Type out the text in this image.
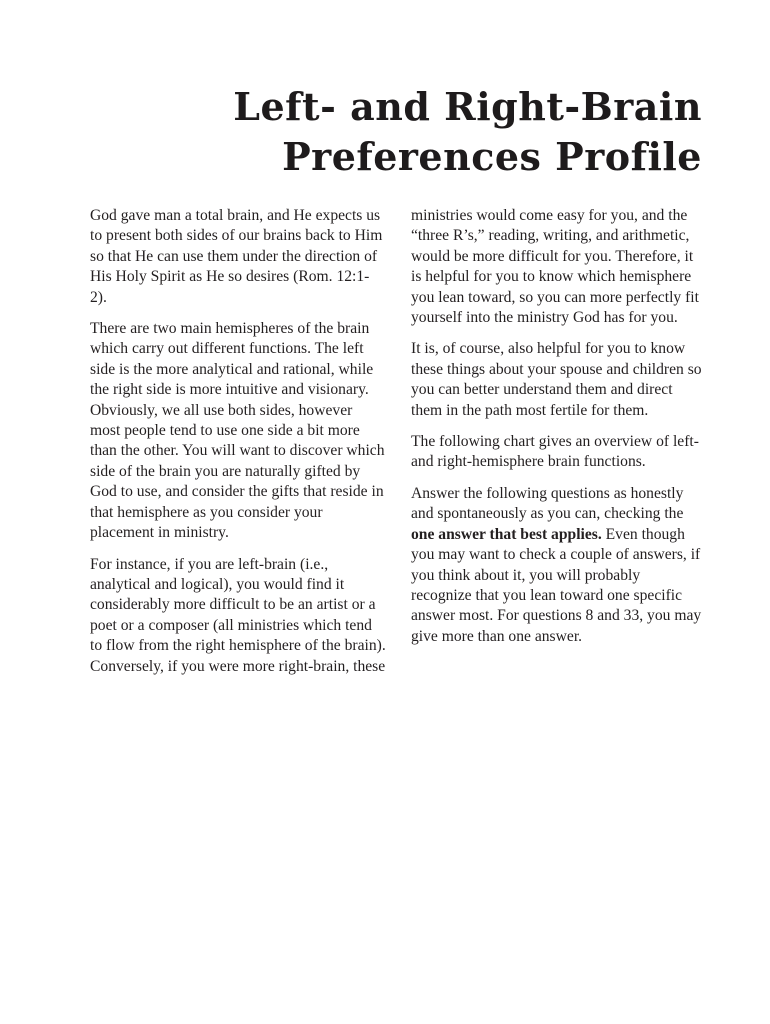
Left- and Right-Brain
Preferences Profile

God gave man a total brain, and He expects us to present both sides of our brains back to Him so that He can use them under the direction of His Holy Spirit as He so desires (Rom. 12:1-2).

There are two main hemispheres of the brain which carry out different functions. The left side is the more analytical and rational, while the right side is more intuitive and visionary. Obviously, we all use both sides, however most people tend to use one side a bit more than the other. You will want to discover which side of the brain you are naturally gifted by God to use, and consider the gifts that reside in that hemisphere as you consider your placement in ministry.

For instance, if you are left-brain (i.e., analytical and logical), you would find it considerably more difficult to be an artist or a poet or a composer (all ministries which tend to flow from the right hemisphere of the brain). Conversely, if you were more right-brain, these

ministries would come easy for you, and the “three R’s,” reading, writing, and arithmetic, would be more difficult for you. Therefore, it is helpful for you to know which hemisphere you lean toward, so you can more perfectly fit yourself into the ministry God has for you.

It is, of course, also helpful for you to know these things about your spouse and children so you can better understand them and direct them in the path most fertile for them.

The following chart gives an overview of left- and right-hemisphere brain functions.

Answer the following questions as honestly and spontaneously as you can, checking the one answer that best applies. Even though you may want to check a couple of answers, if you think about it, you will probably recognize that you lean toward one specific answer most. For questions 8 and 33, you may give more than one answer.
